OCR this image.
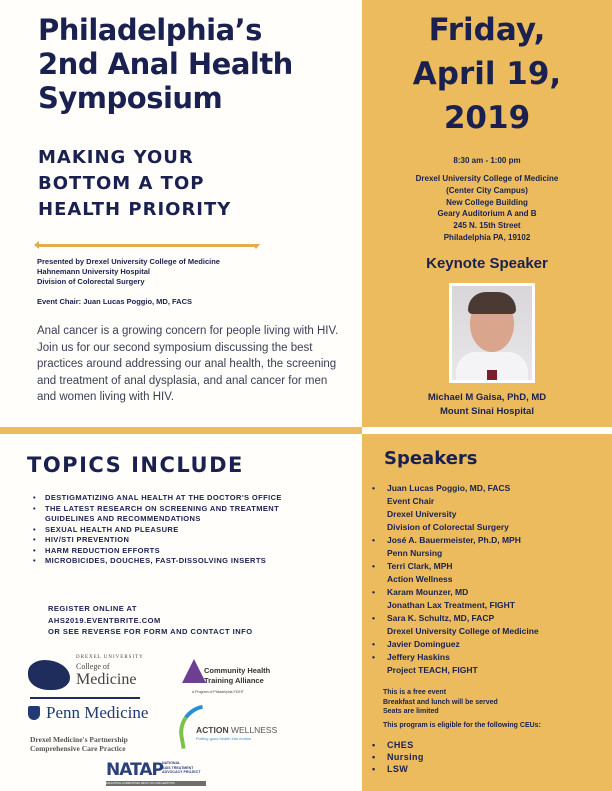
Philadelphia’s
2nd Anal Health
Symposium
MAKING YOUR
BOTTOM A TOP
HEALTH PRIORITY
Presented by Drexel University College of Medicine
Hahnemann University Hospital
Division of Colorectal Surgery
Event Chair: Juan Lucas Poggio, MD, FACS
Anal cancer is a growing concern for people living with HIV. Join us for our second symposium discussing the best practices around addressing our anal health, the screening and treatment of anal dysplasia, and anal cancer for men and women living with HIV.
Friday,
April 19,
2019
8:30 am - 1:00 pm
Drexel University College of Medicine
(Center City Campus)
New College Building
Geary Auditorium A and B
245 N. 15th Street
Philadelphia PA, 19102
Keynote Speaker
Michael M Gaisa, PhD, MD
Mount Sinai Hospital
TOPICS INCLUDE
• DESTIGMATIZING ANAL HEALTH AT THE DOCTOR'S OFFICE
• THE LATEST RESEARCH ON SCREENING AND TREATMENT GUIDELINES AND RECOMMENDATIONS
• SEXUAL HEALTH AND PLEASURE
• HIV/STI PREVENTION
• HARM REDUCTION EFFORTS
• MICROBICIDES, DOUCHES, FAST-DISSOLVING INSERTS
REGISTER ONLINE AT
AHS2019.EVENTBRITE.COM
OR SEE REVERSE FOR FORM AND CONTACT INFO
DREXEL UNIVERSITY
College of
Medicine
Penn Medicine
Drexel Medicine's Partnership
Comprehensive Care Practice
Community Health
Training Alliance
A Program of Philadelphia FIGHT
ACTION WELLNESS
Putting good health into motion
NATAP NATIONAL
AIDS TREATMENT
ADVOCACY PROJECT
EDUCATING COMMUNITIES ABOUT HIV AND HEPATITIS
Speakers
• Juan Lucas Poggio, MD, FACS
Event Chair
Drexel University
Division of Colorectal Surgery
• José A. Bauermeister, Ph.D, MPH
Penn Nursing
• Terri Clark, MPH
Action Wellness
• Karam Mounzer, MD
Jonathan Lax Treatment, FIGHT
• Sara K. Schultz, MD, FACP
Drexel University College of Medicine
• Javier Dominguez
• Jeffery Haskins
Project TEACH, FIGHT
This is a free event
Breakfast and lunch will be served
Seats are limited
This program is eligible for the following CEUs:
• CHES
• Nursing
• LSW
